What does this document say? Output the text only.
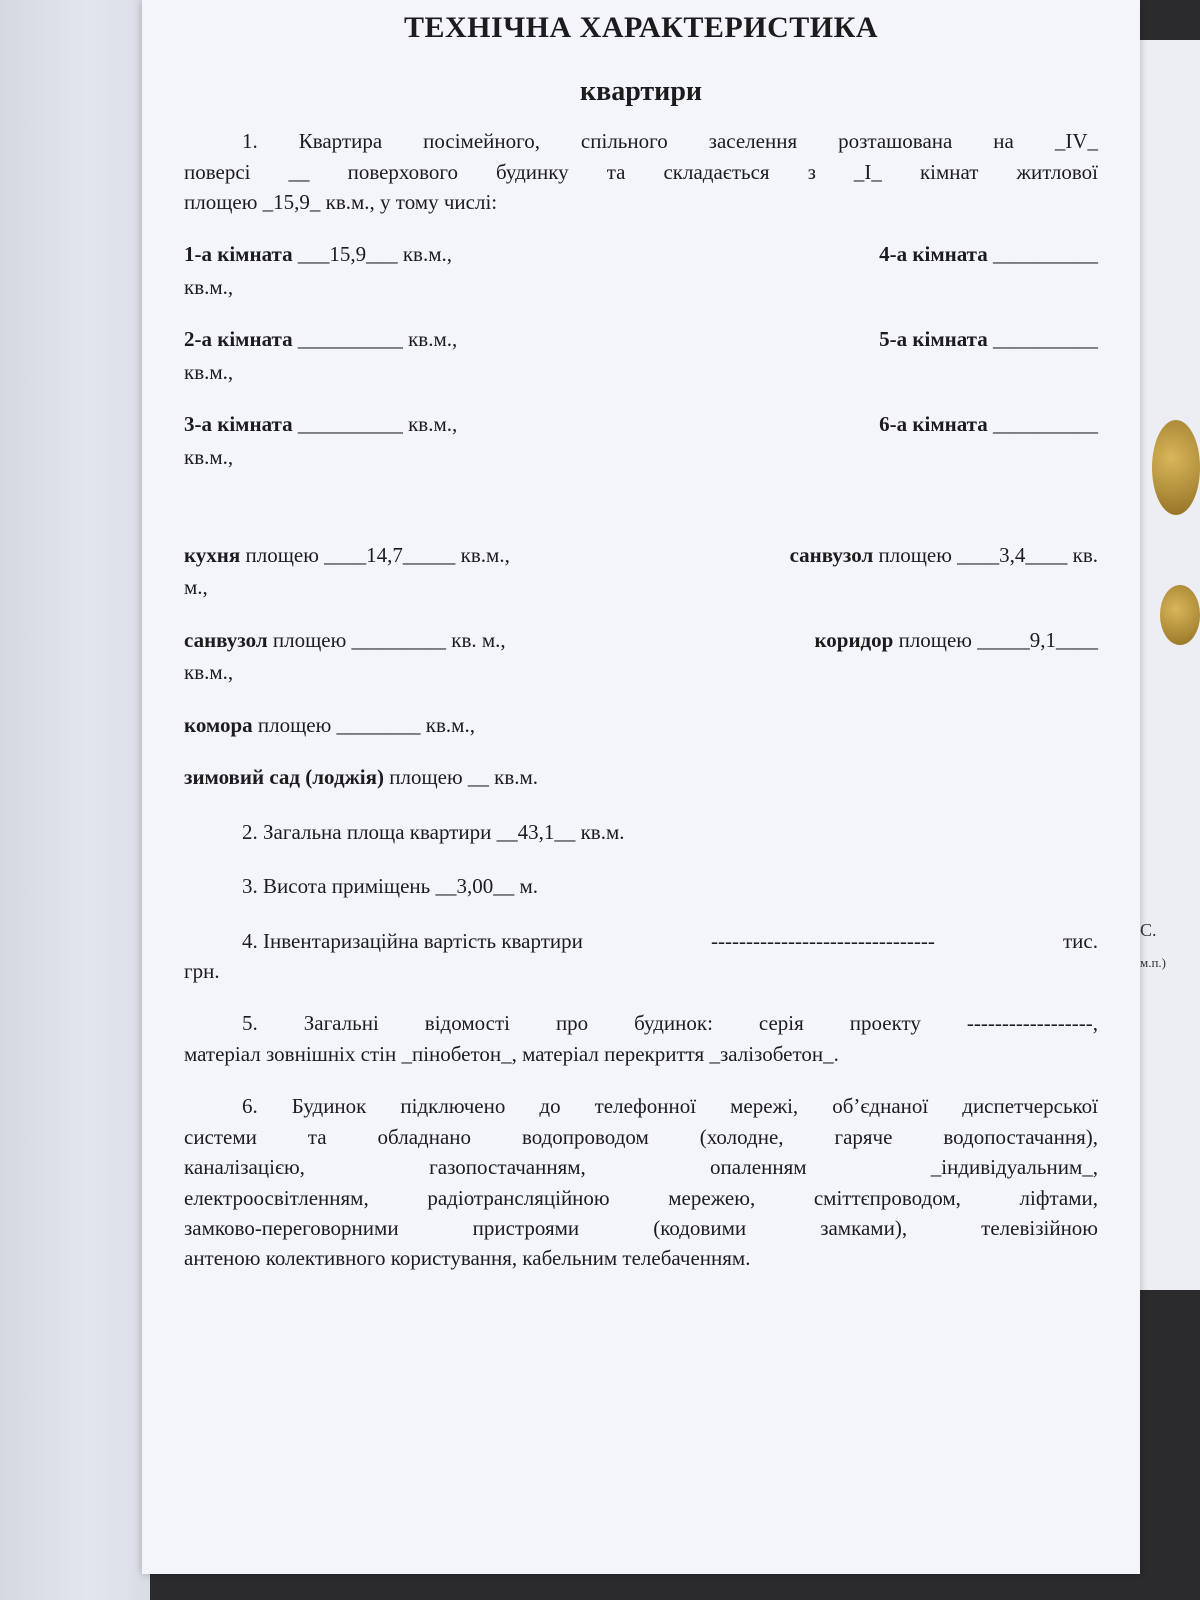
С.
м.п.)
ТЕХНІЧНА ХАРАКТЕРИСТИКА
квартири

1. Квартира посімейного, спільного заселення розташована на _IV_

поверсі __ поверхового будинку та складається з _I_ кімнат житлової

площею _15,9_ кв.м., у тому числі:

1-а кімната ___15,9___ кв.м.,	4-а кімната __________
кв.м.,
2-а кімната __________ кв.м.,	5-а кімната __________
кв.м.,
3-а кімната __________ кв.м.,	6-а кімната __________
кв.м.,
кухня площею ____14,7_____ кв.м.,	санвузол площею ____3,4____ кв.
м.,
санвузол площею _________ кв. м.,	коридор площею _____9,1____
кв.м.,
комора площею ________ кв.м.,
зимовий сад (лоджія) площею __ кв.м.

2. Загальна площа квартири __43,1__ кв.м.

3. Висота приміщень __3,00__ м.

4. Інвентаризаційна вартість квартири	--------------------------------	тис.
грн.

5. Загальні відомості про будинок: серія проекту ------------------,

матеріал зовнішніх стін _пінобетон_, матеріал перекриття _залізобетон_.

6. Будинок підключено до телефонної мережі, об’єднаної диспетчерської

системи та обладнано водопроводом (холодне, гаряче водопостачання),

каналізацією, газопостачанням, опаленням _індивідуальним_,

електроосвітленням, радіотрансляційною мережею, сміттєпроводом, ліфтами,

замково-переговорними пристроями (кодовими замками), телевізійною

антеною колективного користування, кабельним телебаченням.
